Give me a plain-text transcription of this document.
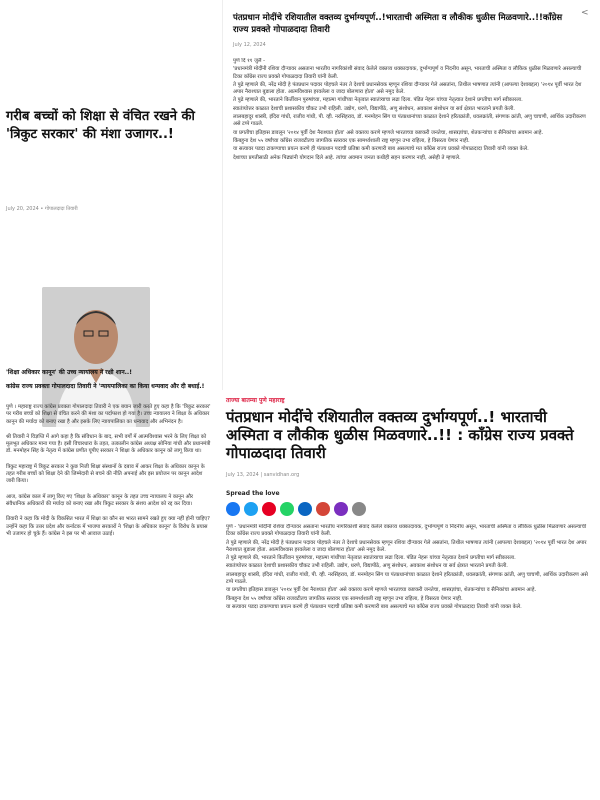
गरीब बच्चों को शिक्षा से वंचित रखने की 'त्रिकुट सरकार' की मंशा उजागर..!
July 20, 2024 • गोपालदादा तिवारी
'शिक्षा अधिकार कानून' की उच्च न्यायालय ने रक्षी शान..!
कांग्रेस राज्य प्रवक्ता गोपालदादा तिवारी ने 'न्यायपालिका का किया धन्यवाद और दी बधाई.!

पुणे । महाराष्ट्र राज्य कांग्रेस प्रवक्ता गोपालदादा तिवारी ने एक बयान जारी करते हुए कहा है कि 'त्रिकुट सरकार' पर गरीब बच्चों को शिक्षा से वंचित करने की मंशा का पर्दाफाश हो गया है। उच्च न्यायालय ने शिक्षा के अधिकार कानून की मर्यादा को बनाए रखा है और इसके लिए न्यायपालिका का धन्यवाद और अभिनंदन है।

श्री तिवारी ने विज्ञप्ति में आगे कहा है कि संविधान के बाद, सभी वर्गों में आत्मविश्वास भरने के लिए शिक्षा को मूलभूत अधिकार माना गया है। इसी विचारधारा के तहत, तत्कालीन कांग्रेस अध्यक्ष सोनिया गांधी और प्रधानमंत्री डॉ. मनमोहन सिंह के नेतृत्व में कांग्रेस प्रणीत यूपीए सरकार ने शिक्षा के अधिकार कानून को लागू किया था।

त्रिकुट महाराष्ट्र में त्रिकुट सरकार ने कुछ निजी शिक्षा संस्थानों के दबाव में आकर शिक्षा के अधिकार कानून के तहत गरीब बच्चों को शिक्षा देने की जिम्मेदारी से बचने की नीति अपनाई और इस प्रयोजन पर कानून आदेश जारी किया।

आज, कांग्रेस काल में लागू किए गए 'शिक्षा के अधिकार' कानून के तहत उच्च न्यायालय ने कानून और संवैधानिक अधिकारों की मर्यादा को बनाए रखा और त्रिकुट सरकार के संशय आदेश को रद्द कर दिया।

तिवारी ने कहा कि मोदी के विकसित भारत में शिक्षा का कौन सा भारत सामने रखते हुए क्या नहीं होनी चाहिए? उन्होंने कहा कि उत्तर प्रदेश और कर्नाटक में भाजपा सरकारों ने 'शिक्षा के अधिकार कानून' के विरोध के प्रयास भी उजागर हो चुके हैं। कांग्रेस ने इस पर भी आवाज उठाई।

पंतप्रधान मोदींचे रशियातील वक्तव्य दुर्भाग्यपूर्ण..!भारताची अस्मिता व लौकीक धुळीस मिळवणारे..!!कॉंग्रेस राज्य प्रवक्ते गोपाळदादा तिवारी
<
July 12, 2024

पुणे दि ११ जुलै -

'प्रधानमंत्री मोदींनी रशिया दौऱ्यावर असताना भारतीय नागरिकांशी संवाद केलेले वक्तव्य धक्कादायक, दुर्भाग्यपूर्ण व निंदनीय असून, भारताची अस्मिता व लौकिक धुळीस मिळवणारे असल्याची टिका काँग्रेस राज्य प्रवक्ते गोपाळदादा तिवारी यांनी केली.

ते पुढे म्हणाले की, नरेंद्र मोदी हे पंतप्रधान पदावर पोहचले नंतर ते देशाचे प्रधानसेवक म्हणून रशिया दौऱ्यावर गेले असतांना, तिथील भाषणात त्यांनी (आपल्या देशाबद्दल) '२०१४ पूर्वी भारत देश अपार नैराश्यात बुडाला होता. आत्मविश्वास हरवलेला व जादा बोलणारा होता' असे नमूद केले.

ते पुढे म्हणाले की, भारताने किर्तीवान पुरुषांच्या, महात्मा गांधींच्या नेतृत्वात स्वातंत्र्याचा लढा दिला. पंडित नेहरू यांच्या नेतृत्वात देशाने प्रगतीचा मार्ग स्वीकारला.

स्वातंत्र्योत्तर काळात देशाची प्रशासकीय चौकट उभी राहिली. उद्योग, धरणे, विद्यापीठे, अणु संशोधन, अवकाश संशोधन या सर्व क्षेत्रात भारताने प्रगती केली.

लालबहादूर शास्त्री, इंदिरा गांधी, राजीव गांधी, पी. व्ही. नरसिंहराव, डॉ. मनमोहन सिंग या पंतप्रधानांच्या काळात देशाने हरितक्रांती, धवलक्रांती, संगणक क्रांती, अणु चाचणी, आर्थिक उदारीकरण असे टप्पे गाठले.

या प्रगतीचा इतिहास डावलून '२०१४ पूर्वी देश नैराश्यात होता' असे वक्तव्य करणे म्हणजे भारताच्या कष्टकरी जनतेचा, शास्त्रज्ञांचा, शेतकऱ्यांचा व सैनिकांचा अवमान आहे.

किंबहुना देश ५५ वर्षांच्या काँग्रेस राजवटीतच जागतिक स्तरावर एक सामर्थ्यशाली राष्ट्र म्हणून उभा राहिला, हे विसरता येणार नाही.

या सत्यावर पडदा टाकण्याचा प्रयत्न करणे ही पंतप्रधान पदाची प्रतिष्ठा कमी करणारी बाब असल्याचे मत काँग्रेस राज्य प्रवक्ते गोपाळदादा तिवारी यांनी व्यक्त केले.

देशाच्या प्रगतीसाठी अनेक पिढ्यांनी योगदान दिले आहे. त्यांचा अवमान जनता कधीही सहन करणार नाही, असेही ते म्हणाले.

ताज्या बातम्या पुणे महाराष्ट्र
पंतप्रधान मोदींचे रशियातील वक्तव्य दुर्भाग्यपूर्ण..! भारताची अस्मिता व लौकीक धुळीस मिळवणारे..!! : कॉंग्रेस राज्य प्रवक्ते गोपाळदादा तिवारी
July 13, 2024 | sanvidhan.org
Spread the love

पुणे - 'प्रधानमंत्री मोदींनी रशिया दौऱ्यावर असताना भारतीय नागरिकांशी संवाद केलेले वक्तव्य धक्कादायक, दुर्भाग्यपूर्ण व निंदनीय असून, भारताची अस्मिता व लौकिक धुळीस मिळवणारे असल्याची टिका काँग्रेस राज्य प्रवक्ते गोपाळदादा तिवारी यांनी केली.

ते पुढे म्हणाले की, नरेंद्र मोदी हे पंतप्रधान पदावर पोहचले नंतर ते देशाचे प्रधानसेवक म्हणून रशिया दौऱ्यावर गेले असतांना, तिथील भाषणात त्यांनी (आपल्या देशाबद्दल) '२०१४ पूर्वी भारत देश अपार नैराश्यात बुडाला होता. आत्मविश्वास हरवलेला व जादा बोलणारा होता' असे नमूद केले.

ते पुढे म्हणाले की, भारताने किर्तीवान पुरुषांच्या, महात्मा गांधींच्या नेतृत्वात स्वातंत्र्याचा लढा दिला. पंडित नेहरू यांच्या नेतृत्वात देशाने प्रगतीचा मार्ग स्वीकारला.

स्वातंत्र्योत्तर काळात देशाची प्रशासकीय चौकट उभी राहिली. उद्योग, धरणे, विद्यापीठे, अणु संशोधन, अवकाश संशोधन या सर्व क्षेत्रात भारताने प्रगती केली.

लालबहादूर शास्त्री, इंदिरा गांधी, राजीव गांधी, पी. व्ही. नरसिंहराव, डॉ. मनमोहन सिंग या पंतप्रधानांच्या काळात देशाने हरितक्रांती, धवलक्रांती, संगणक क्रांती, अणु चाचणी, आर्थिक उदारीकरण असे टप्पे गाठले.

या प्रगतीचा इतिहास डावलून '२०१४ पूर्वी देश नैराश्यात होता' असे वक्तव्य करणे म्हणजे भारताच्या कष्टकरी जनतेचा, शास्त्रज्ञांचा, शेतकऱ्यांचा व सैनिकांचा अवमान आहे.

किंबहुना देश ५५ वर्षांच्या काँग्रेस राजवटीतच जागतिक स्तरावर एक सामर्थ्यशाली राष्ट्र म्हणून उभा राहिला, हे विसरता येणार नाही.

या सत्यावर पडदा टाकण्याचा प्रयत्न करणे ही पंतप्रधान पदाची प्रतिष्ठा कमी करणारी बाब असल्याचे मत काँग्रेस राज्य प्रवक्ते गोपाळदादा तिवारी यांनी व्यक्त केले.
